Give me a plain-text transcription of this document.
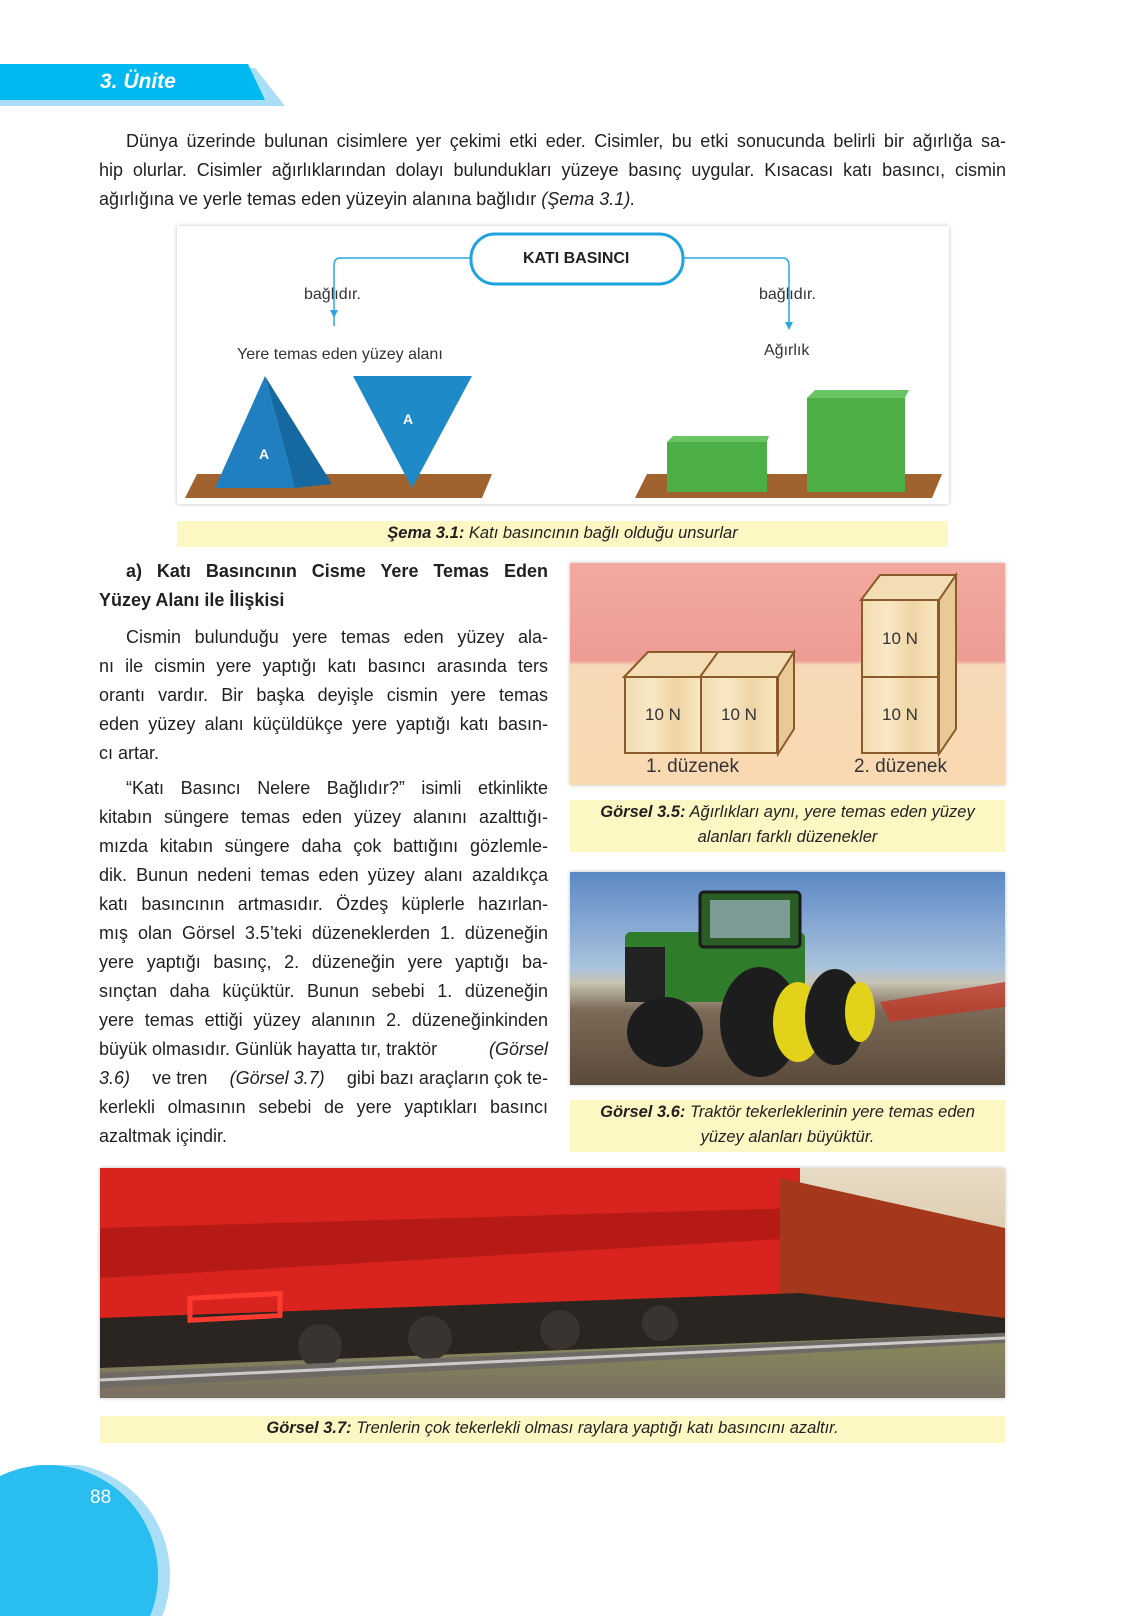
3. Ünite
Dünya üzerinde bulunan cisimlere yer çekimi etki eder. Cisimler, bu etki sonucunda belirli bir ağırlığa sa-
hip olurlar. Cisimler ağırlıklarından dolayı bulundukları yüzeye basınç uygular. Kısacası katı basıncı, cismin
ağırlığına ve yerle temas eden yüzeyin alanına bağlıdır (Şema 3.1).
KATI BASINCI
bağlıdır.	bağlıdır.
Yere temas eden yüzey alanı	Ağırlık
A
A
Şema 3.1: Katı basıncının bağlı olduğu unsurlar
a) Katı Basıncının Cisme Yere Temas Eden
Yüzey Alanı ile İlişkisi
Cismin bulunduğu yere temas eden yüzey ala-
nı ile cismin yere yaptığı katı basıncı arasında ters
orantı vardır. Bir başka deyişle cismin yere temas
eden yüzey alanı küçüldükçe yere yaptığı katı basın-
cı artar.
“Katı Basıncı Nelere Bağlıdır?” isimli etkinlikte
kitabın süngere temas eden yüzey alanını azalttığı-
mızda kitabın süngere daha çok battığını gözlemle-
dik. Bunun nedeni temas eden yüzey alanı azaldıkça
katı basıncının artmasıdır. Özdeş küplerle hazırlan-
mış olan Görsel 3.5’teki düzeneklerden 1. düzeneğin
yere yaptığı basınç, 2. düzeneğin yere yaptığı ba-
sınçtan daha küçüktür. Bunun sebebi 1. düzeneğin
yere temas ettiği yüzey alanının 2. düzeneğinkinden
büyük olmasıdır. Günlük hayatta tır, traktör	(Görsel
3.6) ve tren (Görsel 3.7) gibi bazı araçların çok te-
kerlekli olmasının sebebi de yere yaptıkları basıncı
azaltmak içindir.
10 N	10 N
10 N
10 N
1. düzenek	2. düzenek
Görsel 3.5: Ağırlıkları aynı, yere temas eden yüzey
alanları farklı düzenekler
Görsel 3.6: Traktör tekerleklerinin yere temas eden
yüzey alanları büyüktür.
Görsel 3.7: Trenlerin çok tekerlekli olması raylara yaptığı katı basıncını azaltır.
88
